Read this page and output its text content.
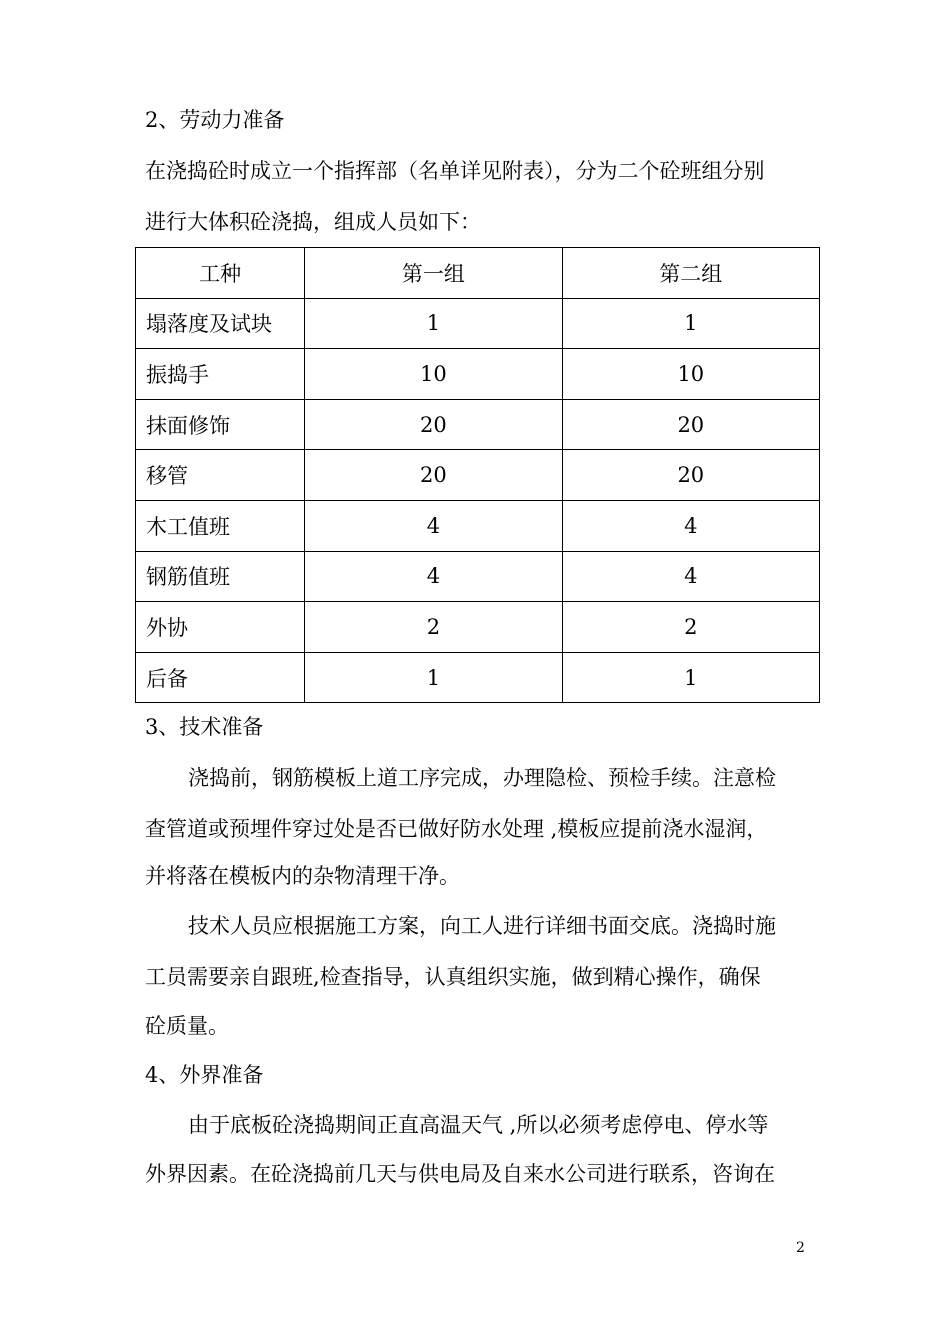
2、劳动力准备
在浇捣砼时成立一个指挥部（名单详见附表），分为二个砼班组分别
进行大体积砼浇捣，组成人员如下：
工种	第一组	第二组
塌落度及试块	1	1
振捣手	10	10
抹面修饰	20	20
移管	20	20
木工值班	4	4
钢筋值班	4	4
外协	2	2
后备	1	1
3、技术准备
浇捣前，钢筋模板上道工序完成，办理隐检、预检手续。注意检
查管道或预埋件穿过处是否已做好防水处理 ,模板应提前浇水湿润，
并将落在模板内的杂物清理干净。
技术人员应根据施工方案，向工人进行详细书面交底。浇捣时施
工员需要亲自跟班,检查指导，认真组织实施，做到精心操作，确保
砼质量。
4、外界准备
由于底板砼浇捣期间正直高温天气 ,所以必须考虑停电、停水等
外界因素。在砼浇捣前几天与供电局及自来水公司进行联系，咨询在
2
